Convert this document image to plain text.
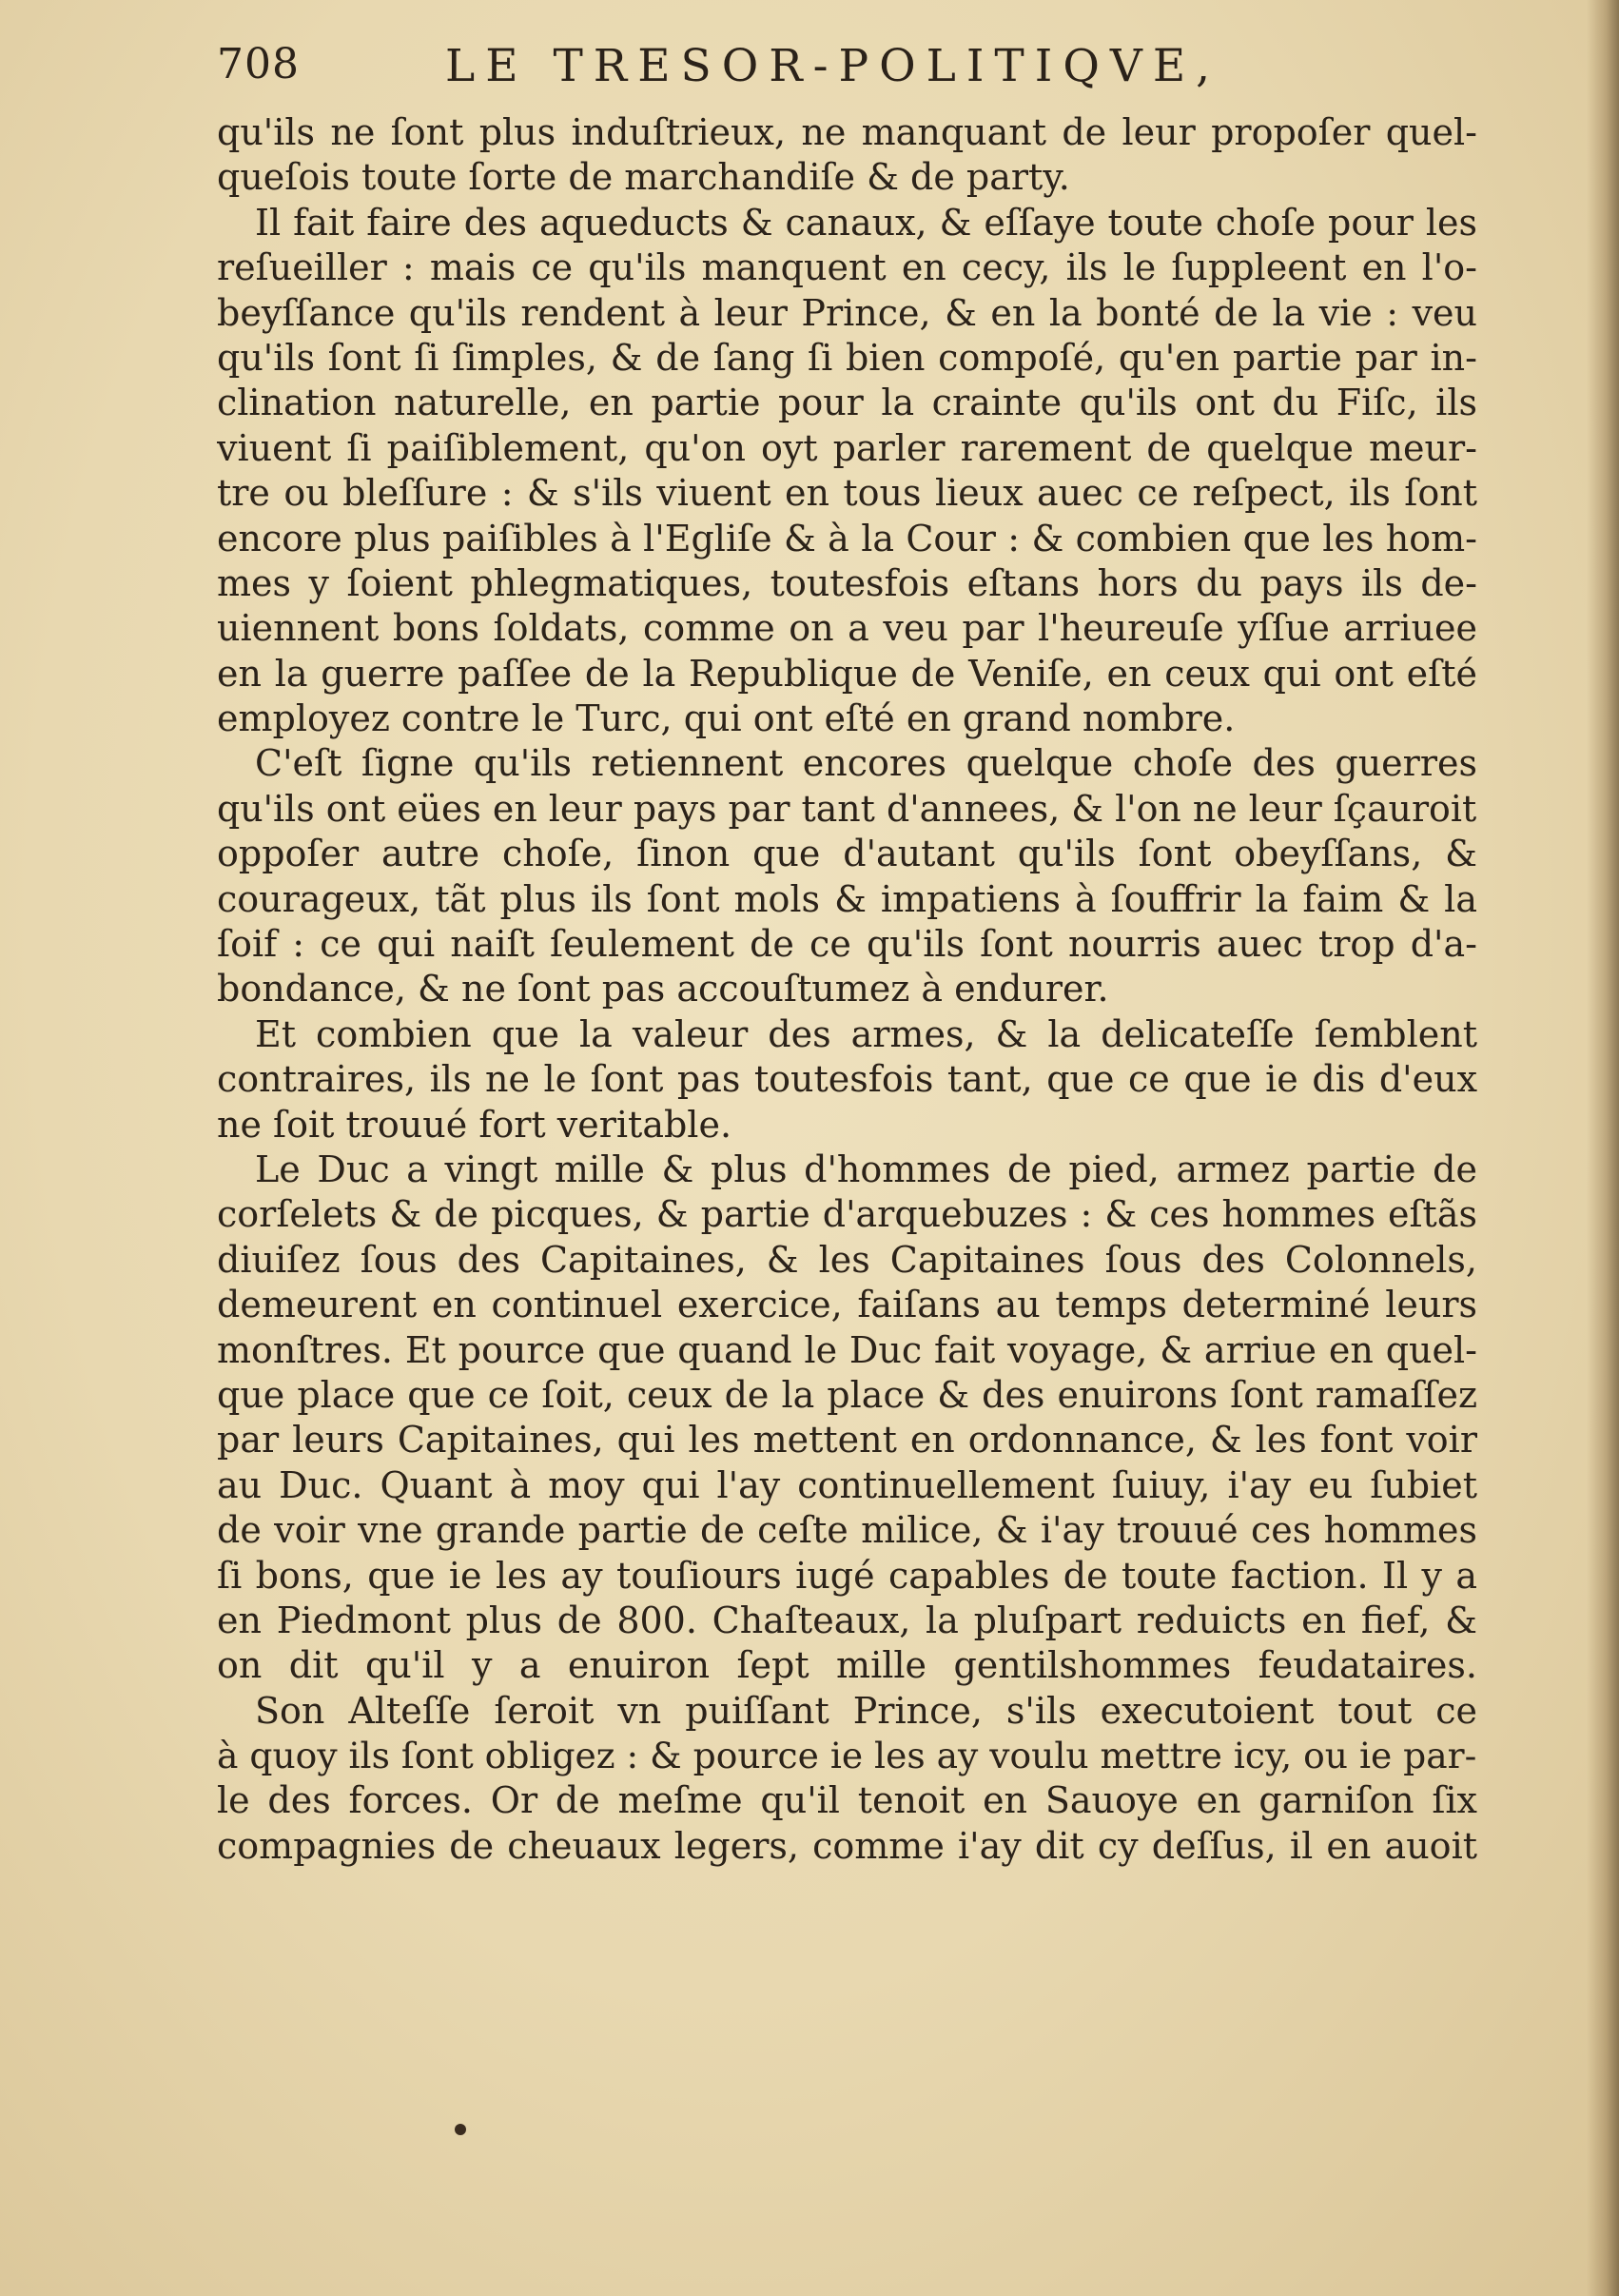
708	LE TRESOR-POLITIQVE,
qu'ils ne ſont plus induſtrieux, ne manquant de leur propoſer quel-
queſois toute ſorte de marchandiſe & de party.
Il fait faire des aqueducts & canaux, & eſſaye toute choſe pour les
reſueiller : mais ce qu'ils manquent en cecy, ils le ſuppleent en l'o-
beyſſance qu'ils rendent à leur Prince, & en la bonté de la vie : veu
qu'ils ſont ſi ſimples, & de ſang ſi bien compoſé, qu'en partie par in-
clination naturelle, en partie pour la crainte qu'ils ont du Fiſc, ils
viuent ſi paiſiblement, qu'on oyt parler rarement de quelque meur-
tre ou bleſſure : & s'ils viuent en tous lieux auec ce reſpect, ils ſont
encore plus paiſibles à l'Egliſe & à la Cour : & combien que les hom-
mes y ſoient phlegmatiques, toutesfois eſtans hors du pays ils de-
uiennent bons ſoldats, comme on a veu par l'heureuſe yſſue arriuee
en la guerre paſſee de la Republique de Veniſe, en ceux qui ont eſté
employez contre le Turc, qui ont eſté en grand nombre.
C'eſt ſigne qu'ils retiennent encores quelque choſe des guerres
qu'ils ont eües en leur pays par tant d'annees, & l'on ne leur ſçauroit
oppoſer autre choſe, ſinon que d'autant qu'ils ſont obeyſſans, &
courageux, tãt plus ils ſont mols & impatiens à ſouffrir la faim & la
ſoif : ce qui naiſt ſeulement de ce qu'ils ſont nourris auec trop d'a-
bondance, & ne ſont pas accouſtumez à endurer.
Et combien que la valeur des armes, & la delicateſſe ſemblent
contraires, ils ne le ſont pas toutesfois tant, que ce que ie dis d'eux
ne ſoit trouué fort veritable.
Le Duc a vingt mille & plus d'hommes de pied, armez partie de
corſelets & de picques, & partie d'arquebuzes : & ces hommes eſtãs
diuiſez ſous des Capitaines, & les Capitaines ſous des Colonnels,
demeurent en continuel exercice, faiſans au temps determiné leurs
monſtres. Et pource que quand le Duc fait voyage, & arriue en quel-
que place que ce ſoit, ceux de la place & des enuirons ſont ramaſſez
par leurs Capitaines, qui les mettent en ordonnance, & les font voir
au Duc. Quant à moy qui l'ay continuellement ſuiuy, i'ay eu ſubiet
de voir vne grande partie de ceſte milice, & i'ay trouué ces hommes
ſi bons, que ie les ay touſiours iugé capables de toute faction. Il y a
en Piedmont plus de 800. Chaſteaux, la pluſpart reduicts en fief, &
on dit qu'il y a enuiron ſept mille gentilshommes feudataires.
Son Alteſſe ſeroit vn puiſſant Prince, s'ils executoient tout ce
à quoy ils ſont obligez : & pource ie les ay voulu mettre icy, ou ie par-
le des forces. Or de meſme qu'il tenoit en Sauoye en garniſon ſix
compagnies de cheuaux legers, comme i'ay dit cy deſſus, il en auoit
